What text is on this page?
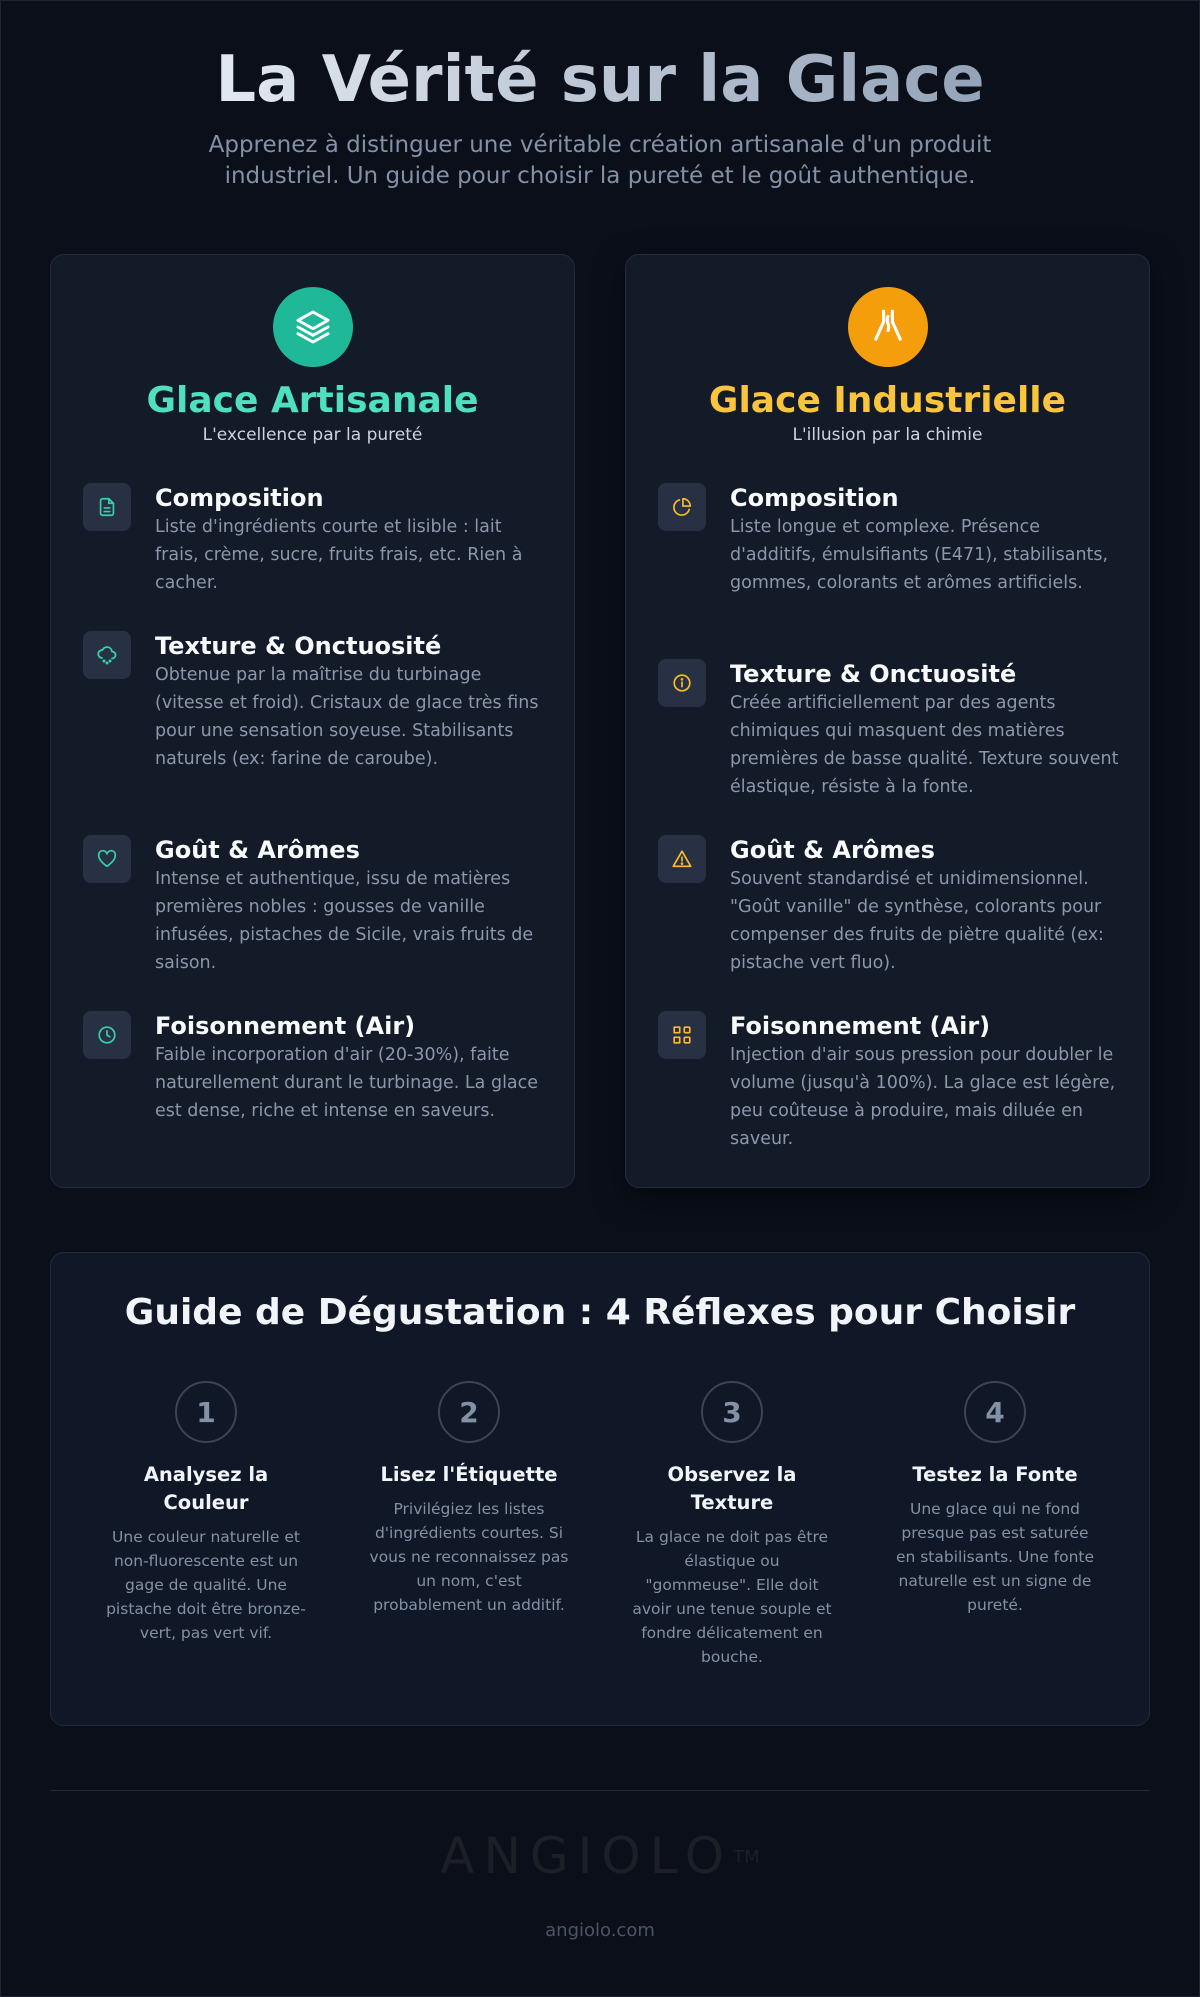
La Vérité sur la Glace

Apprenez à distinguer une véritable création artisanale d'un produit industriel. Un guide pour choisir la pureté et le goût authentique.

Glace Artisanale
L'excellence par la pureté
Composition
Liste d'ingrédients courte et lisible : lait frais, crème, sucre, fruits frais, etc. Rien à cacher.
Texture & Onctuosité
Obtenue par la maîtrise du turbinage (vitesse et froid). Cristaux de glace très fins pour une sensation soyeuse. Stabilisants naturels (ex: farine de caroube).
Goût & Arômes
Intense et authentique, issu de matières premières nobles : gousses de vanille infusées, pistaches de Sicile, vrais fruits de saison.
Foisonnement (Air)
Faible incorporation d'air (20-30%), faite naturellement durant le turbinage. La glace est dense, riche et intense en saveurs.
Glace Industrielle
L'illusion par la chimie
Composition
Liste longue et complexe. Présence d'additifs, émulsifiants (E471), stabilisants, gommes, colorants et arômes artificiels.
Texture & Onctuosité
Créée artificiellement par des agents chimiques qui masquent des matières premières de basse qualité. Texture souvent élastique, résiste à la fonte.
Goût & Arômes
Souvent standardisé et unidimensionnel. "Goût vanille" de synthèse, colorants pour compenser des fruits de piètre qualité (ex: pistache vert fluo).
Foisonnement (Air)
Injection d'air sous pression pour doubler le volume (jusqu'à 100%). La glace est légère, peu coûteuse à produire, mais diluée en saveur.
Guide de Dégustation : 4 Réflexes pour Choisir
1
Analysez la Couleur
Une couleur naturelle et non-fluorescente est un gage de qualité. Une pistache doit être bronze-vert, pas vert vif.
2
Lisez l'Étiquette
Privilégiez les listes d'ingrédients courtes. Si vous ne reconnaissez pas un nom, c'est probablement un additif.
3
Observez la Texture
La glace ne doit pas être élastique ou "gommeuse". Elle doit avoir une tenue souple et fondre délicatement en bouche.
4
Testez la Fonte
Une glace qui ne fond presque pas est saturée en stabilisants. Une fonte naturelle est un signe de pureté.
ANGIOLO™
angiolo.com
